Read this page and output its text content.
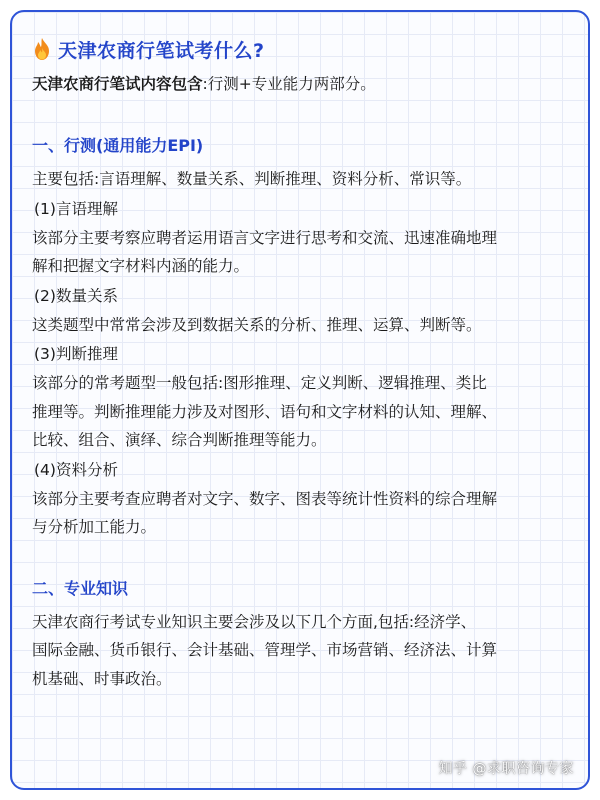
天津农商行笔试考什么?
天津农商行笔试内容包含:行测+专业能力两部分。
一、行测(通用能力EPI)
主要包括:言语理解、数量关系、判断推理、资料分析、常识等。
(1)言语理解
该部分主要考察应聘者运用语言文字进行思考和交流、迅速准确地理
解和把握文字材料内涵的能力。
(2)数量关系
这类题型中常常会涉及到数据关系的分析、推理、运算、判断等。
(3)判断推理
该部分的常考题型一般包括:图形推理、定义判断、逻辑推理、类比
推理等。判断推理能力涉及对图形、语句和文字材料的认知、理解、
比较、组合、演绎、综合判断推理等能力。
(4)资料分析
该部分主要考查应聘者对文字、数字、图表等统计性资料的综合理解
与分析加工能力。
二、专业知识
天津农商行考试专业知识主要会涉及以下几个方面,包括:经济学、
国际金融、货币银行、会计基础、管理学、市场营销、经济法、计算
机基础、时事政治。
知乎 @求职咨询专家
